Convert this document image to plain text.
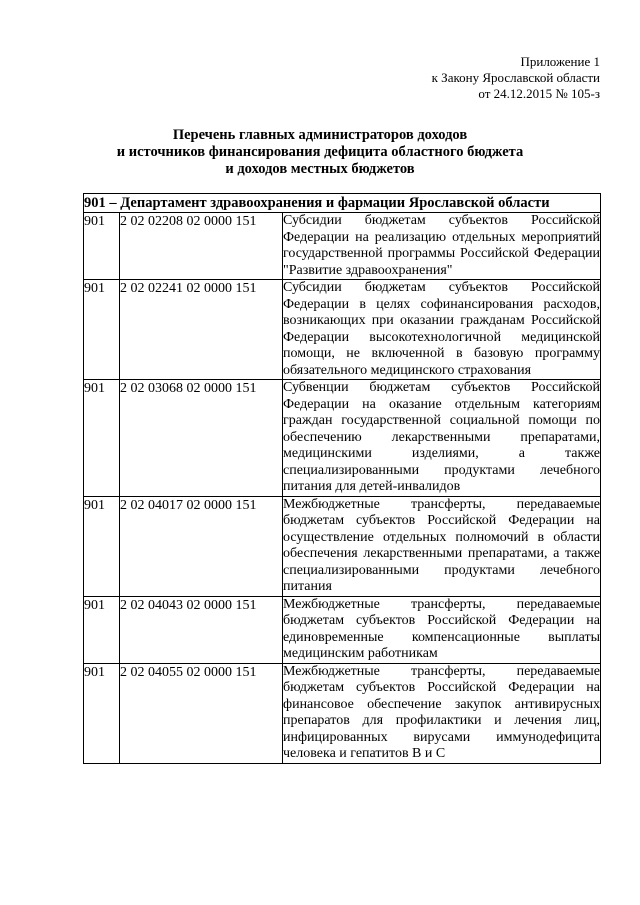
Приложение 1
к Закону Ярославской области
от 24.12.2015 № 105-з
Перечень главных администраторов доходов
и источников финансирования дефицита областного бюджета
и доходов местных бюджетов
901 – Департамент здравоохранения и фармации Ярославской области		
901	2 02 02208 02 0000 151	Субсидии бюджетам субъектов Российской Федерации на реализацию отдельных мероприятий государственной программы Российской Федерации "Развитие здравоохранения"
901	2 02 02241 02 0000 151	Субсидии бюджетам субъектов Российской Федерации в целях софинансирования расходов, возникающих при оказании гражданам Российской Федерации высокотехнологичной медицинской помощи, не включенной в базовую программу обязательного медицинского страхования
901	2 02 03068 02 0000 151	Субвенции бюджетам субъектов Российской Федерации на оказание отдельным категориям граждан государственной социальной помощи по обеспечению лекарственными препаратами, медицинскими изделиями, а также специализированными продуктами лечебного питания для детей-инвалидов
901	2 02 04017 02 0000 151	Межбюджетные трансферты, передаваемые бюджетам субъектов Российской Федерации на осуществление отдельных полномочий в области обеспечения лекарственными препаратами, а также специализированными продуктами лечебного питания
901	2 02 04043 02 0000 151	Межбюджетные трансферты, передаваемые бюджетам субъектов Российской Федерации на единовременные компенсационные выплаты медицинским работникам
901	2 02 04055 02 0000 151	Межбюджетные трансферты, передаваемые бюджетам субъектов Российской Федерации на финансовое обеспечение закупок антивирусных препаратов для профилактики и лечения лиц, инфицированных вирусами иммунодефицита человека и гепатитов В и С
